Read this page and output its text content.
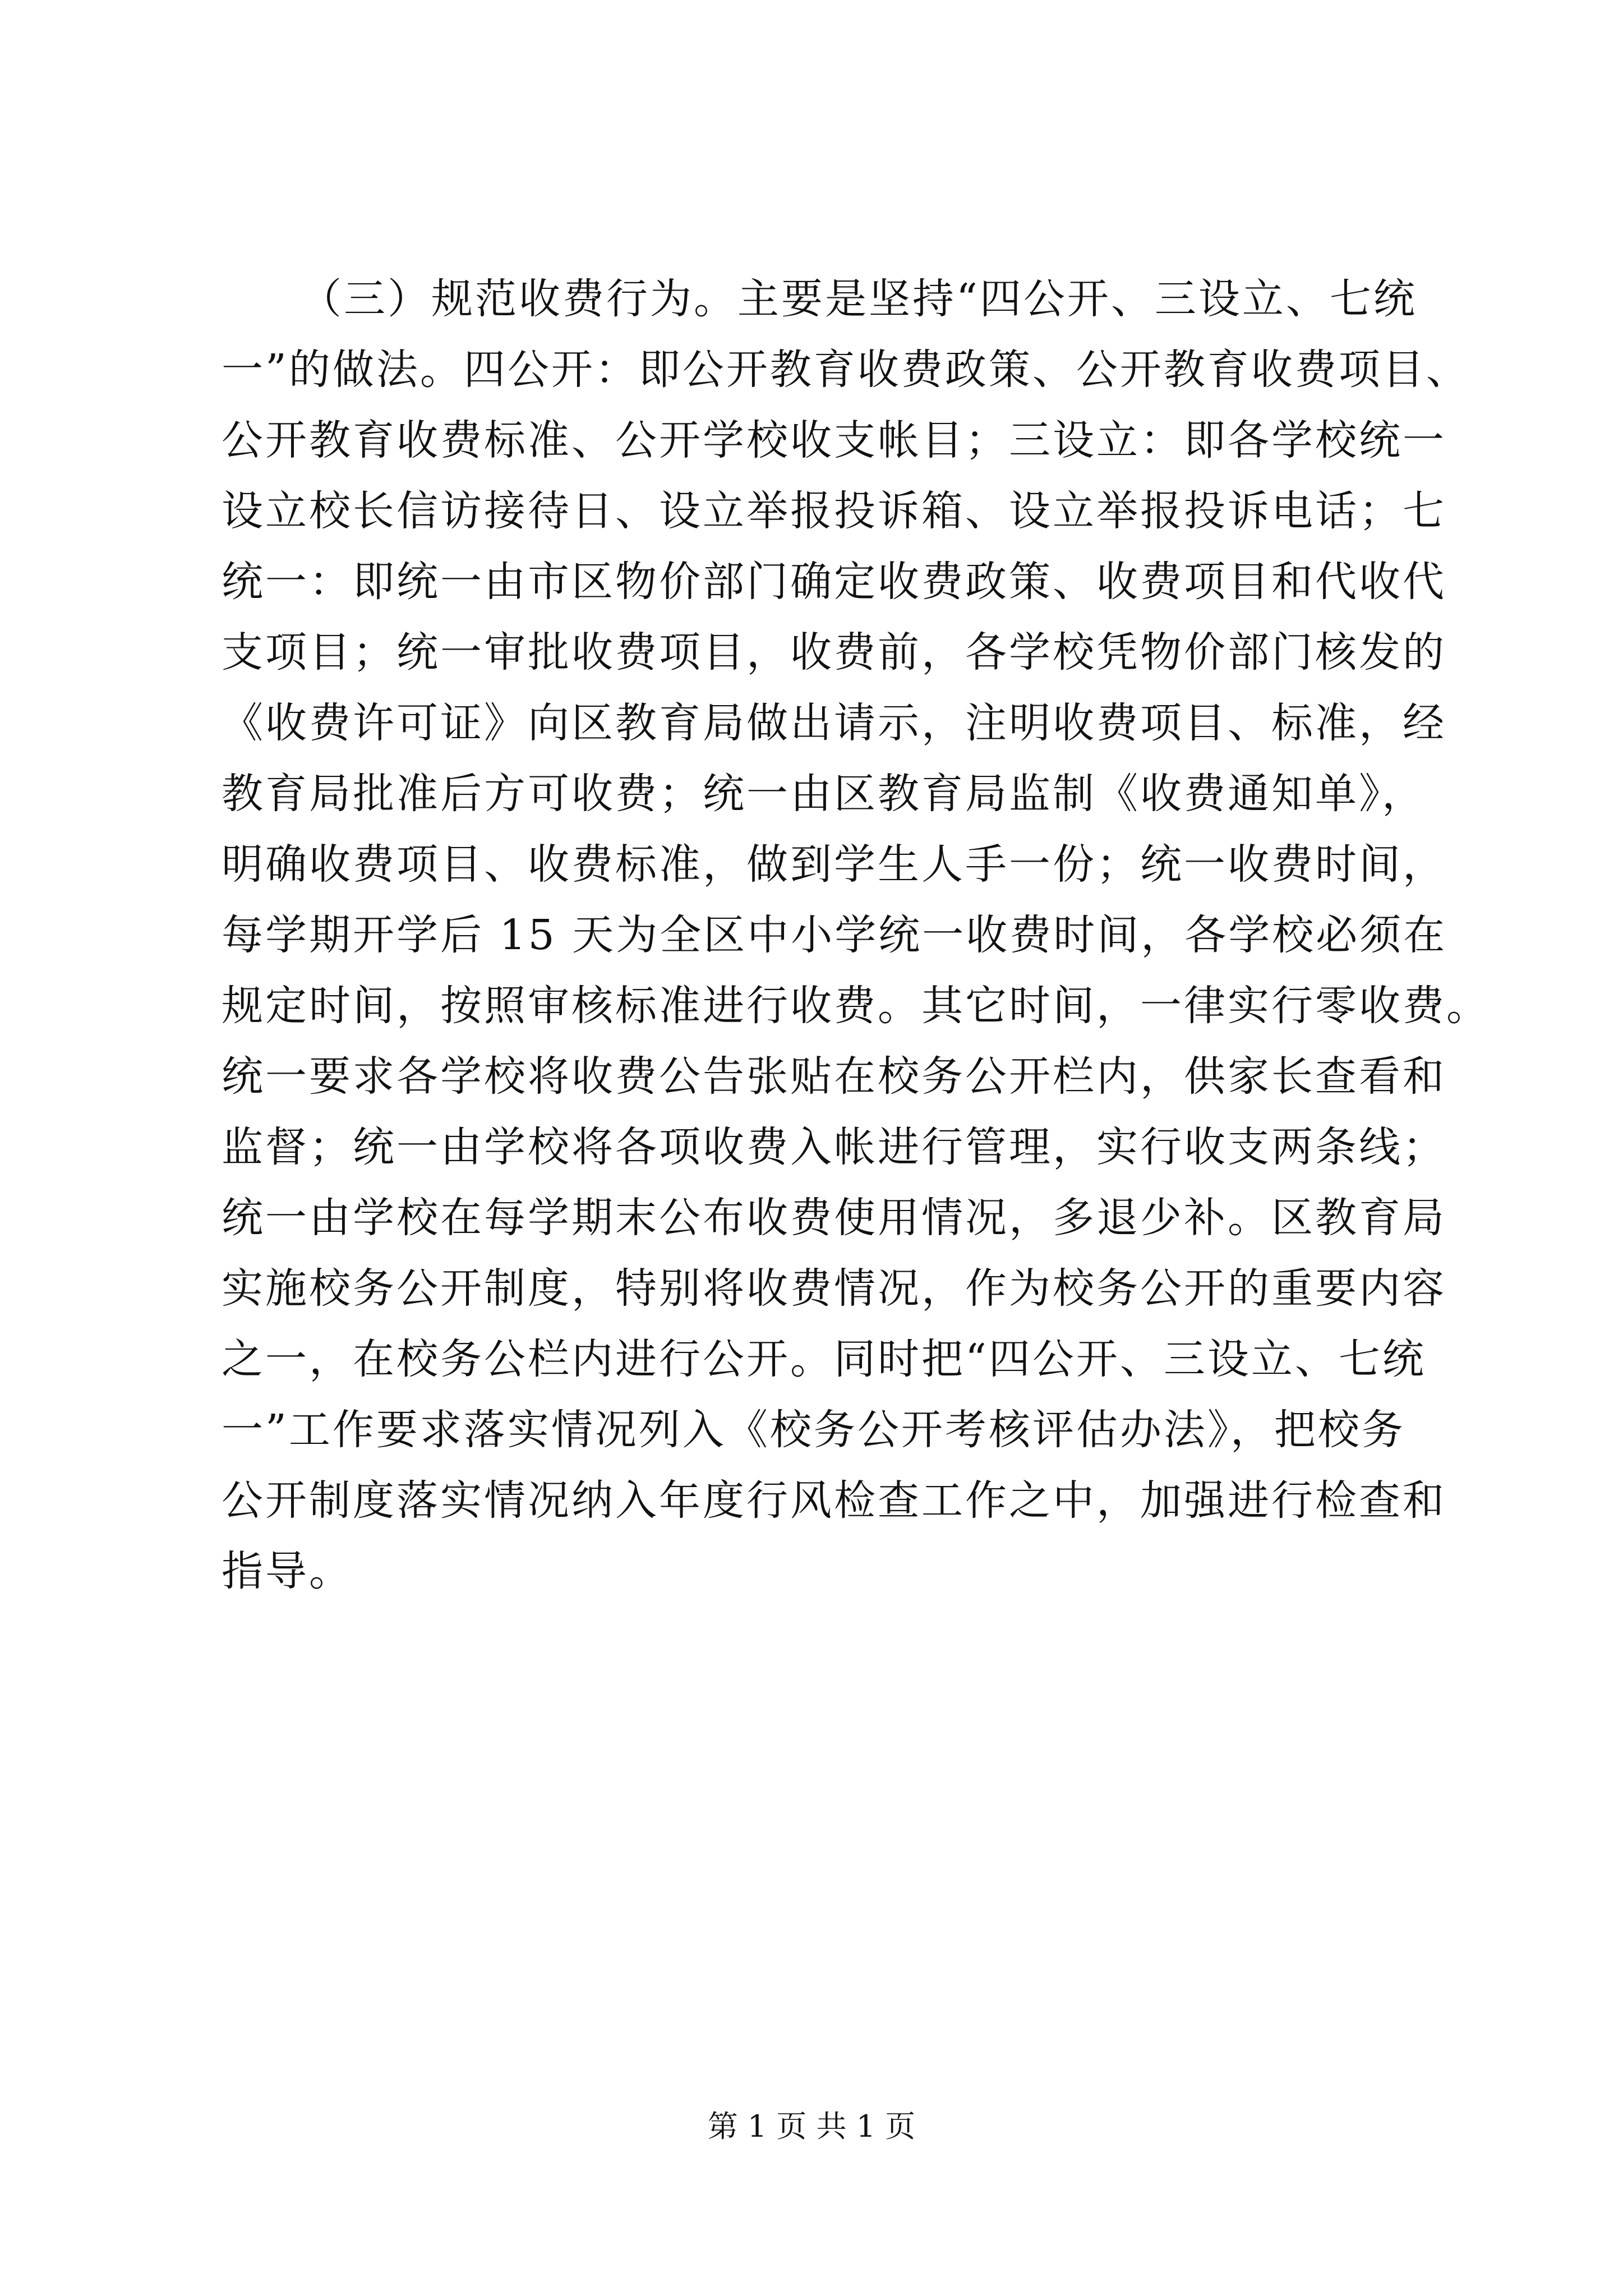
（三）规范收费行为。主要是坚持“四公开、三设立、七统
一”的做法。四公开：即公开教育收费政策、公开教育收费项目、
公开教育收费标准、公开学校收支帐目；三设立：即各学校统一
设立校长信访接待日、设立举报投诉箱、设立举报投诉电话；七
统一：即统一由市区物价部门确定收费政策、收费项目和代收代
支项目；统一审批收费项目，收费前，各学校凭物价部门核发的
《收费许可证》向区教育局做出请示，注明收费项目、标准，经
教育局批准后方可收费；统一由区教育局监制《收费通知单》，
明确收费项目、收费标准，做到学生人手一份；统一收费时间，
每学期开学后 15 天为全区中小学统一收费时间，各学校必须在
规定时间，按照审核标准进行收费。其它时间，一律实行零收费。
统一要求各学校将收费公告张贴在校务公开栏内，供家长查看和
监督；统一由学校将各项收费入帐进行管理，实行收支两条线；
统一由学校在每学期末公布收费使用情况，多退少补。区教育局
实施校务公开制度，特别将收费情况，作为校务公开的重要内容
之一，在校务公栏内进行公开。同时把“四公开、三设立、七统
一”工作要求落实情况列入《校务公开考核评估办法》，把校务
公开制度落实情况纳入年度行风检查工作之中，加强进行检查和
指导。
第 1 页 共 1 页
